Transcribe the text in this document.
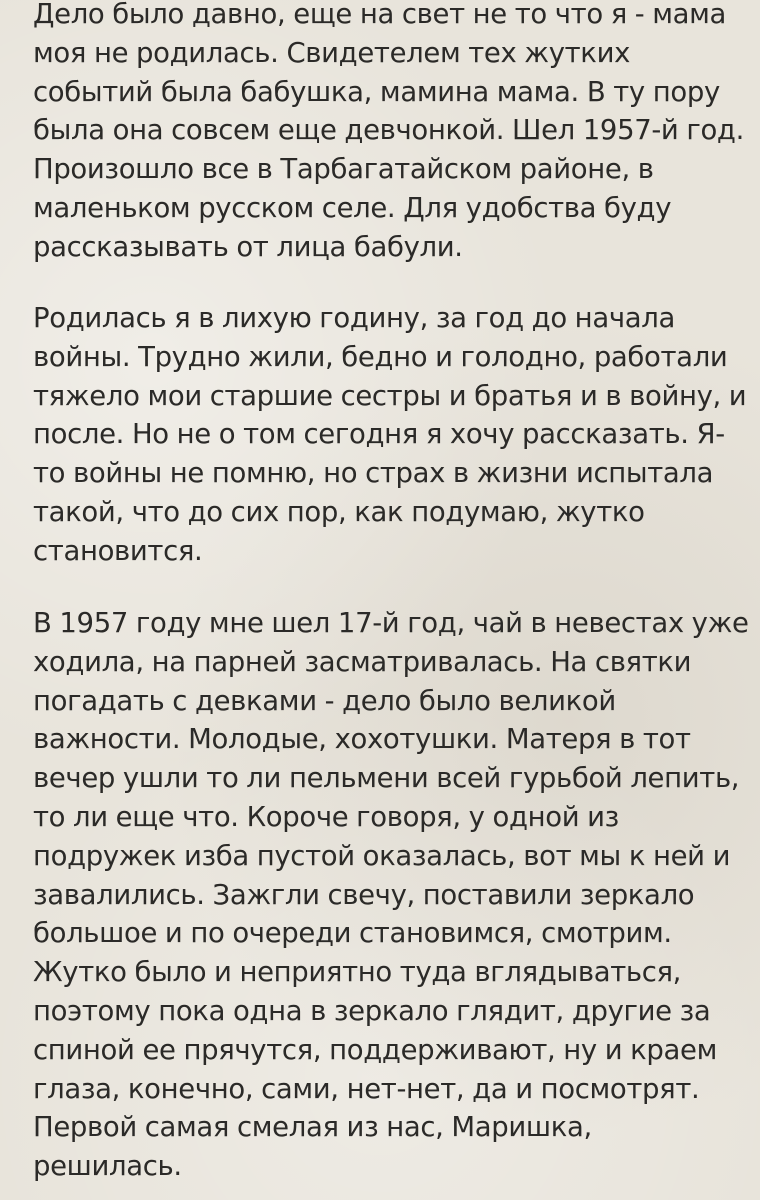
Дело было давно, еще на свет не то что я - мама
моя не родилась. Свидетелем тех жутких
событий была бабушка, мамина мама. В ту пору
была она совсем еще девчонкой. Шел 1957-й год.
Произошло все в Тарбагатайском районе, в
маленьком русском селе. Для удобства буду
рассказывать от лица бабули.

Родилась я в лихую годину, за год до начала
войны. Трудно жили, бедно и голодно, работали
тяжело мои старшие сестры и братья и в войну, и
после. Но не о том сегодня я хочу рассказать. Я-
то войны не помню, но страх в жизни испытала
такой, что до сих пор, как подумаю, жутко
становится.

В 1957 году мне шел 17-й год, чай в невестах уже
ходила, на парней засматривалась. На святки
погадать с девками - дело было великой
важности. Молодые, хохотушки. Матеря в тот
вечер ушли то ли пельмени всей гурьбой лепить,
то ли еще что. Короче говоря, у одной из
подружек изба пустой оказалась, вот мы к ней и
завалились. Зажгли свечу, поставили зеркало
большое и по очереди становимся, смотрим.
Жутко было и неприятно туда вглядываться,
поэтому пока одна в зеркало глядит, другие за
спиной ее прячутся, поддерживают, ну и краем
глаза, конечно, сами, нет-нет, да и посмотрят.
Первой самая смелая из нас, Маришка,
решилась.
